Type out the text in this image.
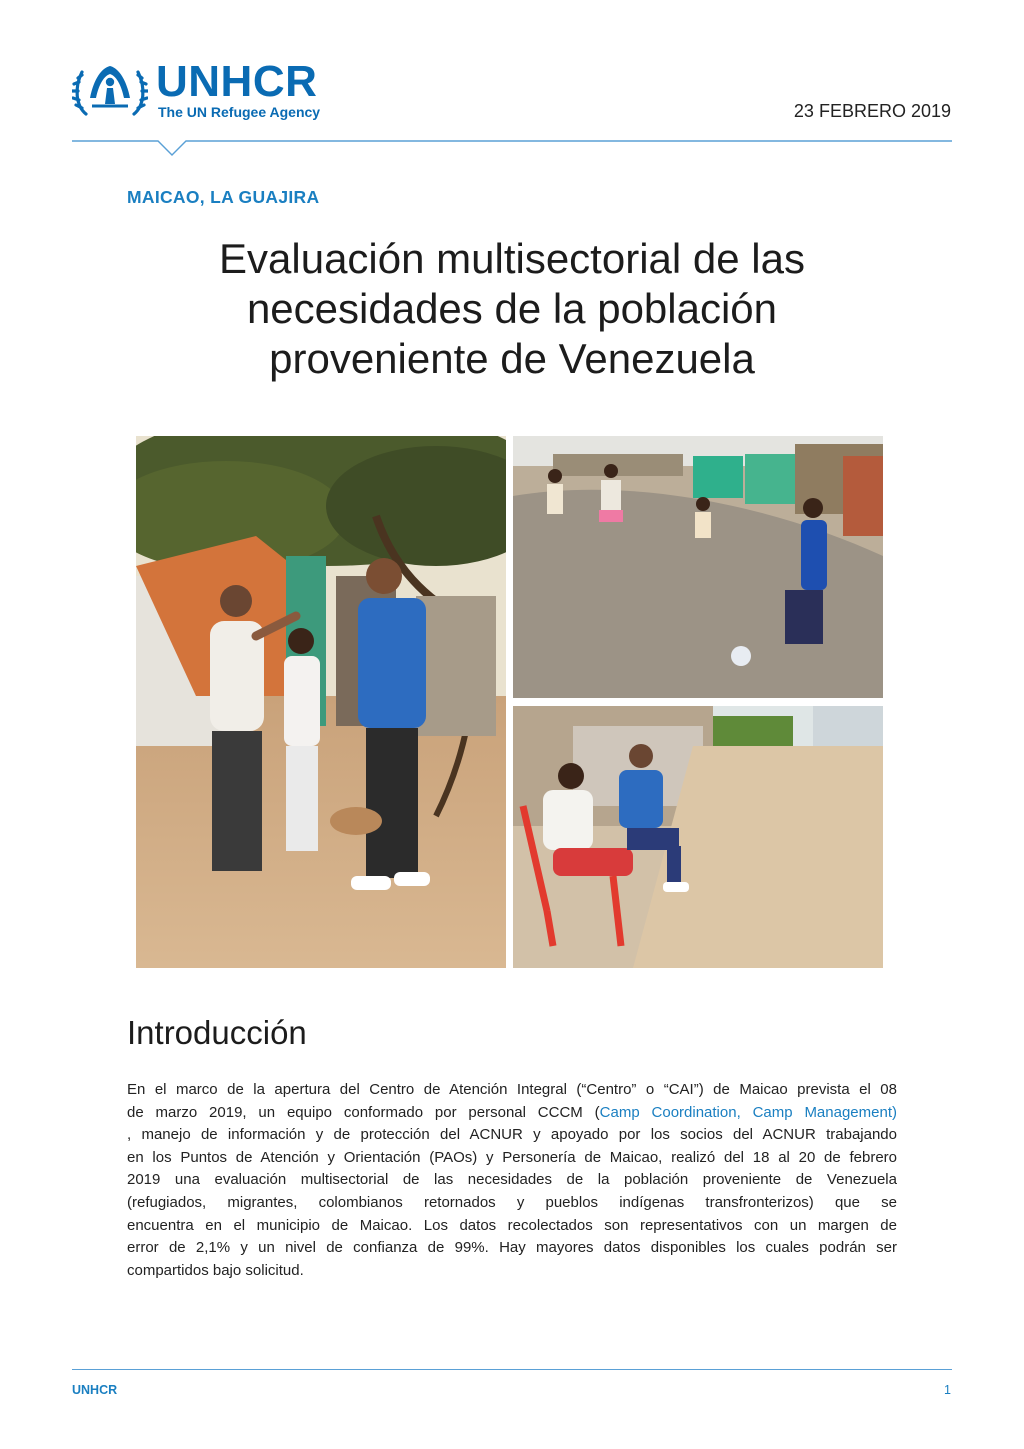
UNHCR
The UN Refugee Agency	23 FEBRERO 2019
MAICAO, LA GUAJIRA
Evaluación multisectorial de las
necesidades de la población
proveniente de Venezuela
Introducción
En el marco de la apertura del Centro de Atención Integral (“Centro” o “CAI”) de Maicao prevista el 08
de marzo 2019, un equipo conformado por personal CCCM (Camp Coordination, Camp Management)
, manejo de información y de protección del ACNUR y apoyado por los socios del ACNUR trabajando
en los Puntos de Atención y Orientación (PAOs) y Personería de Maicao, realizó del 18 al 20 de febrero
2019 una evaluación multisectorial de las necesidades de la población proveniente de Venezuela
(refugiados, migrantes, colombianos retornados y pueblos indígenas transfronterizos) que se
encuentra en el municipio de Maicao. Los datos recolectados son representativos con un margen de
error de 2,1% y un nivel de confianza de 99%. Hay mayores datos disponibles los cuales podrán ser
compartidos bajo solicitud.
UNHCR	1
